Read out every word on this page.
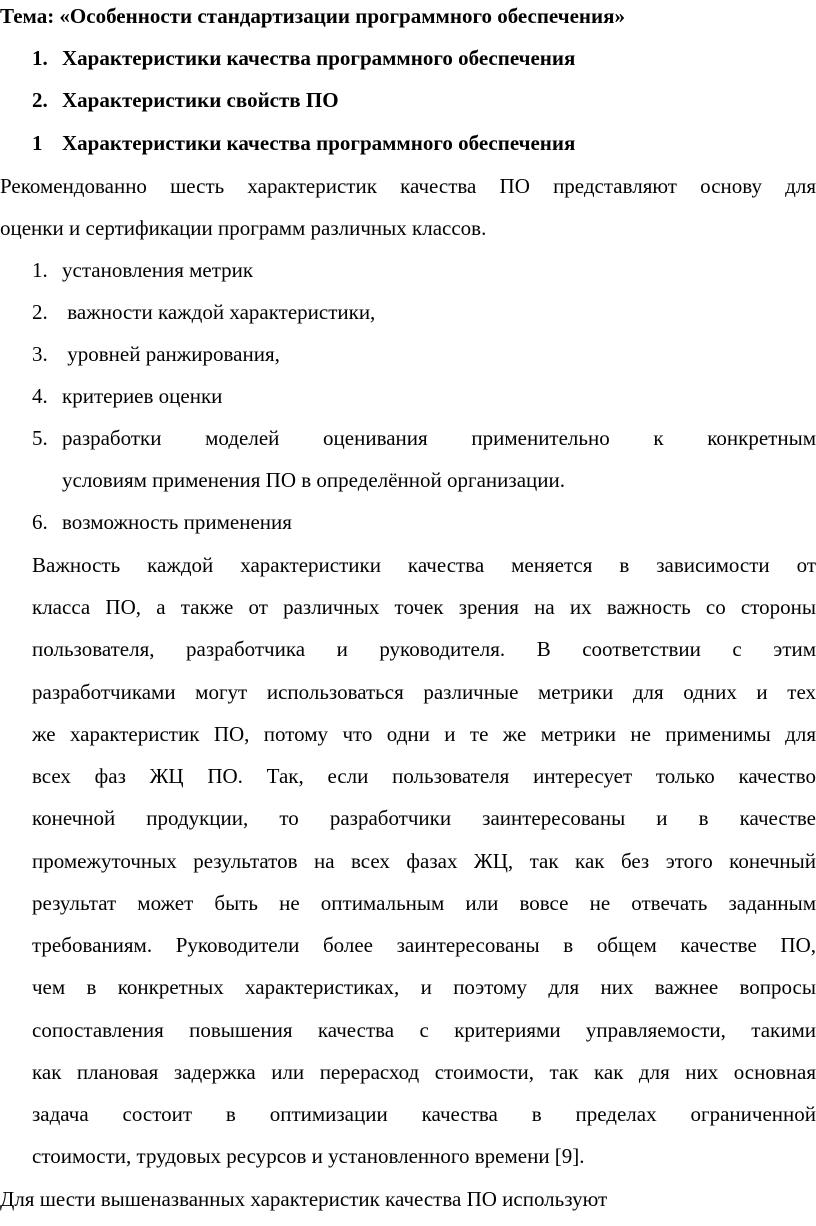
Тема: «Особенности стандартизации программного обеспечения»
1. Характеристики качества программного обеспечения
2. Характеристики свойств ПО
1 Характеристики качества программного обеспечения
Рекомендованно шесть характеристик качества ПО представляют основу для
оценки и сертификации программ различных классов.
1. установления метрик
2. важности каждой характеристики,
3. уровней ранжирования,
4. критериев оценки
5. разработки моделей оценивания применительно к конкретным
условиям применения ПО в определённой организации.
6. возможность применения
Важность каждой характеристики качества меняется в зависимости от
класса ПО, а также от различных точек зрения на их важность со стороны
пользователя, разработчика и руководителя. В соответствии с этим
разработчиками могут использоваться различные метрики для одних и тех
же характеристик ПО, потому что одни и те же метрики не применимы для
всех фаз ЖЦ ПО. Так, если пользователя интересует только качество
конечной продукции, то разработчики заинтересованы и в качестве
промежуточных результатов на всех фазах ЖЦ, так как без этого конечный
результат может быть не оптимальным или вовсе не отвечать заданным
требованиям. Руководители более заинтересованы в общем качестве ПО,
чем в конкретных характеристиках, и поэтому для них важнее вопросы
сопоставления повышения качества с критериями управляемости, такими
как плановая задержка или перерасход стоимости, так как для них основная
задача состоит в оптимизации качества в пределах ограниченной
стоимости, трудовых ресурсов и установленного времени [9].
Для шести вышеназванных характеристик качества ПО используют
